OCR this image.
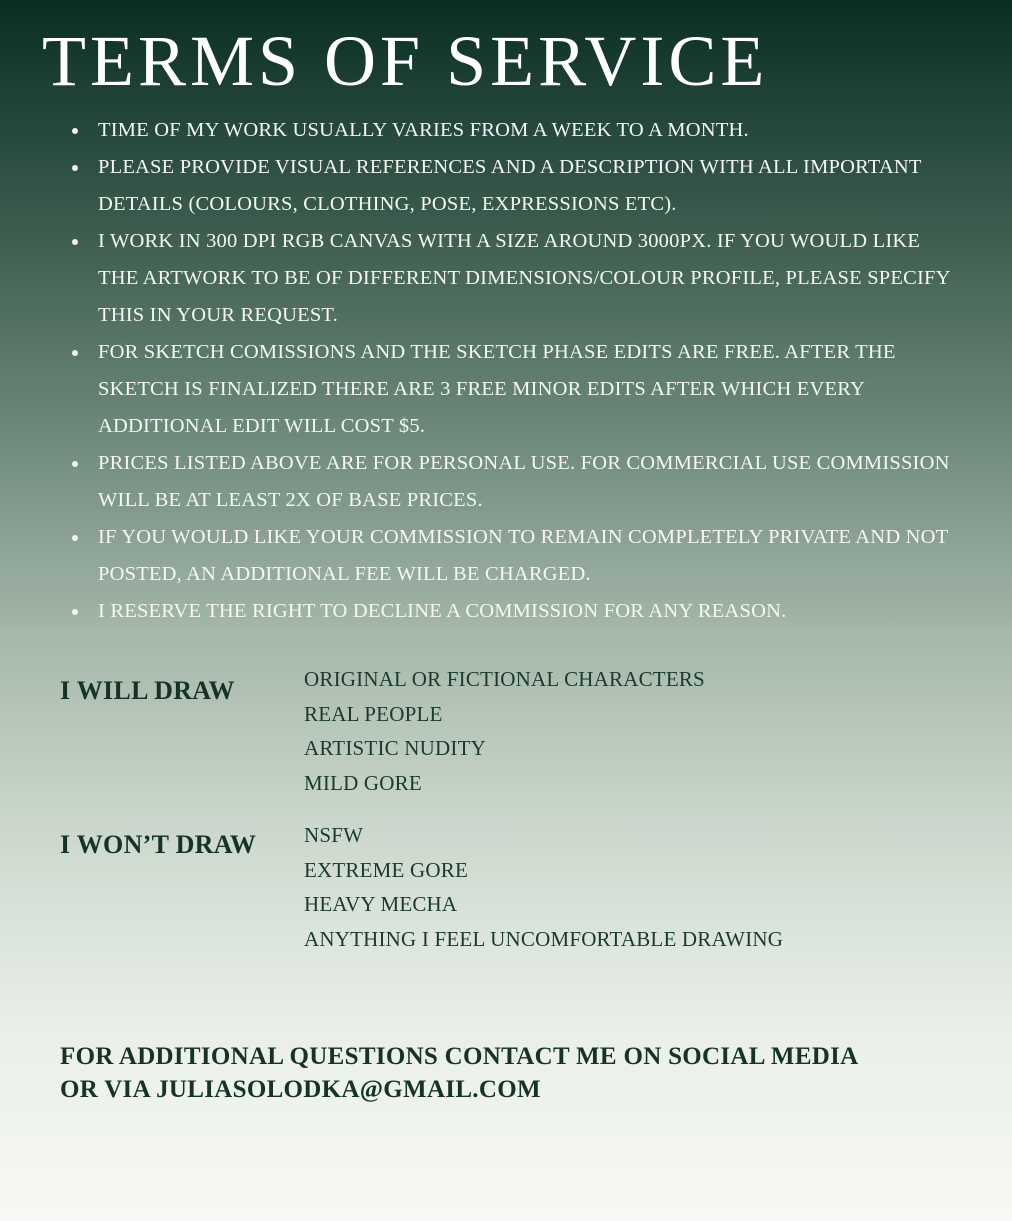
TERMS OF SERVICE
TIME OF MY WORK USUALLY VARIES FROM A WEEK TO A MONTH.
PLEASE PROVIDE VISUAL REFERENCES AND A DESCRIPTION WITH ALL IMPORTANT DETAILS (COLOURS, CLOTHING, POSE, EXPRESSIONS ETC).
I WORK IN 300 DPI RGB CANVAS WITH A SIZE AROUND 3000PX. IF YOU WOULD LIKE THE ARTWORK TO BE OF DIFFERENT DIMENSIONS/COLOUR PROFILE, PLEASE SPECIFY THIS IN YOUR REQUEST.
FOR SKETCH COMISSIONS AND THE SKETCH PHASE EDITS ARE FREE. AFTER THE SKETCH IS FINALIZED THERE ARE 3 FREE MINOR EDITS AFTER WHICH EVERY ADDITIONAL EDIT WILL COST $5.
PRICES LISTED ABOVE ARE FOR PERSONAL USE. FOR COMMERCIAL USE COMMISSION WILL BE AT LEAST 2X OF BASE PRICES.
IF YOU WOULD LIKE YOUR COMMISSION TO REMAIN COMPLETELY PRIVATE AND NOT POSTED, AN ADDITIONAL FEE WILL BE CHARGED.
I RESERVE THE RIGHT TO DECLINE A COMMISSION FOR ANY REASON.
I WILL DRAW	ORIGINAL OR FICTIONAL CHARACTERS
REAL PEOPLE
ARTISTIC NUDITY
MILD GORE
I WON’T DRAW NSFW
EXTREME GORE
HEAVY MECHA
ANYTHING I FEEL UNCOMFORTABLE DRAWING

FOR ADDITIONAL QUESTIONS CONTACT ME ON SOCIAL MEDIA
OR VIA JULIASOLODKA@GMAIL.COM
